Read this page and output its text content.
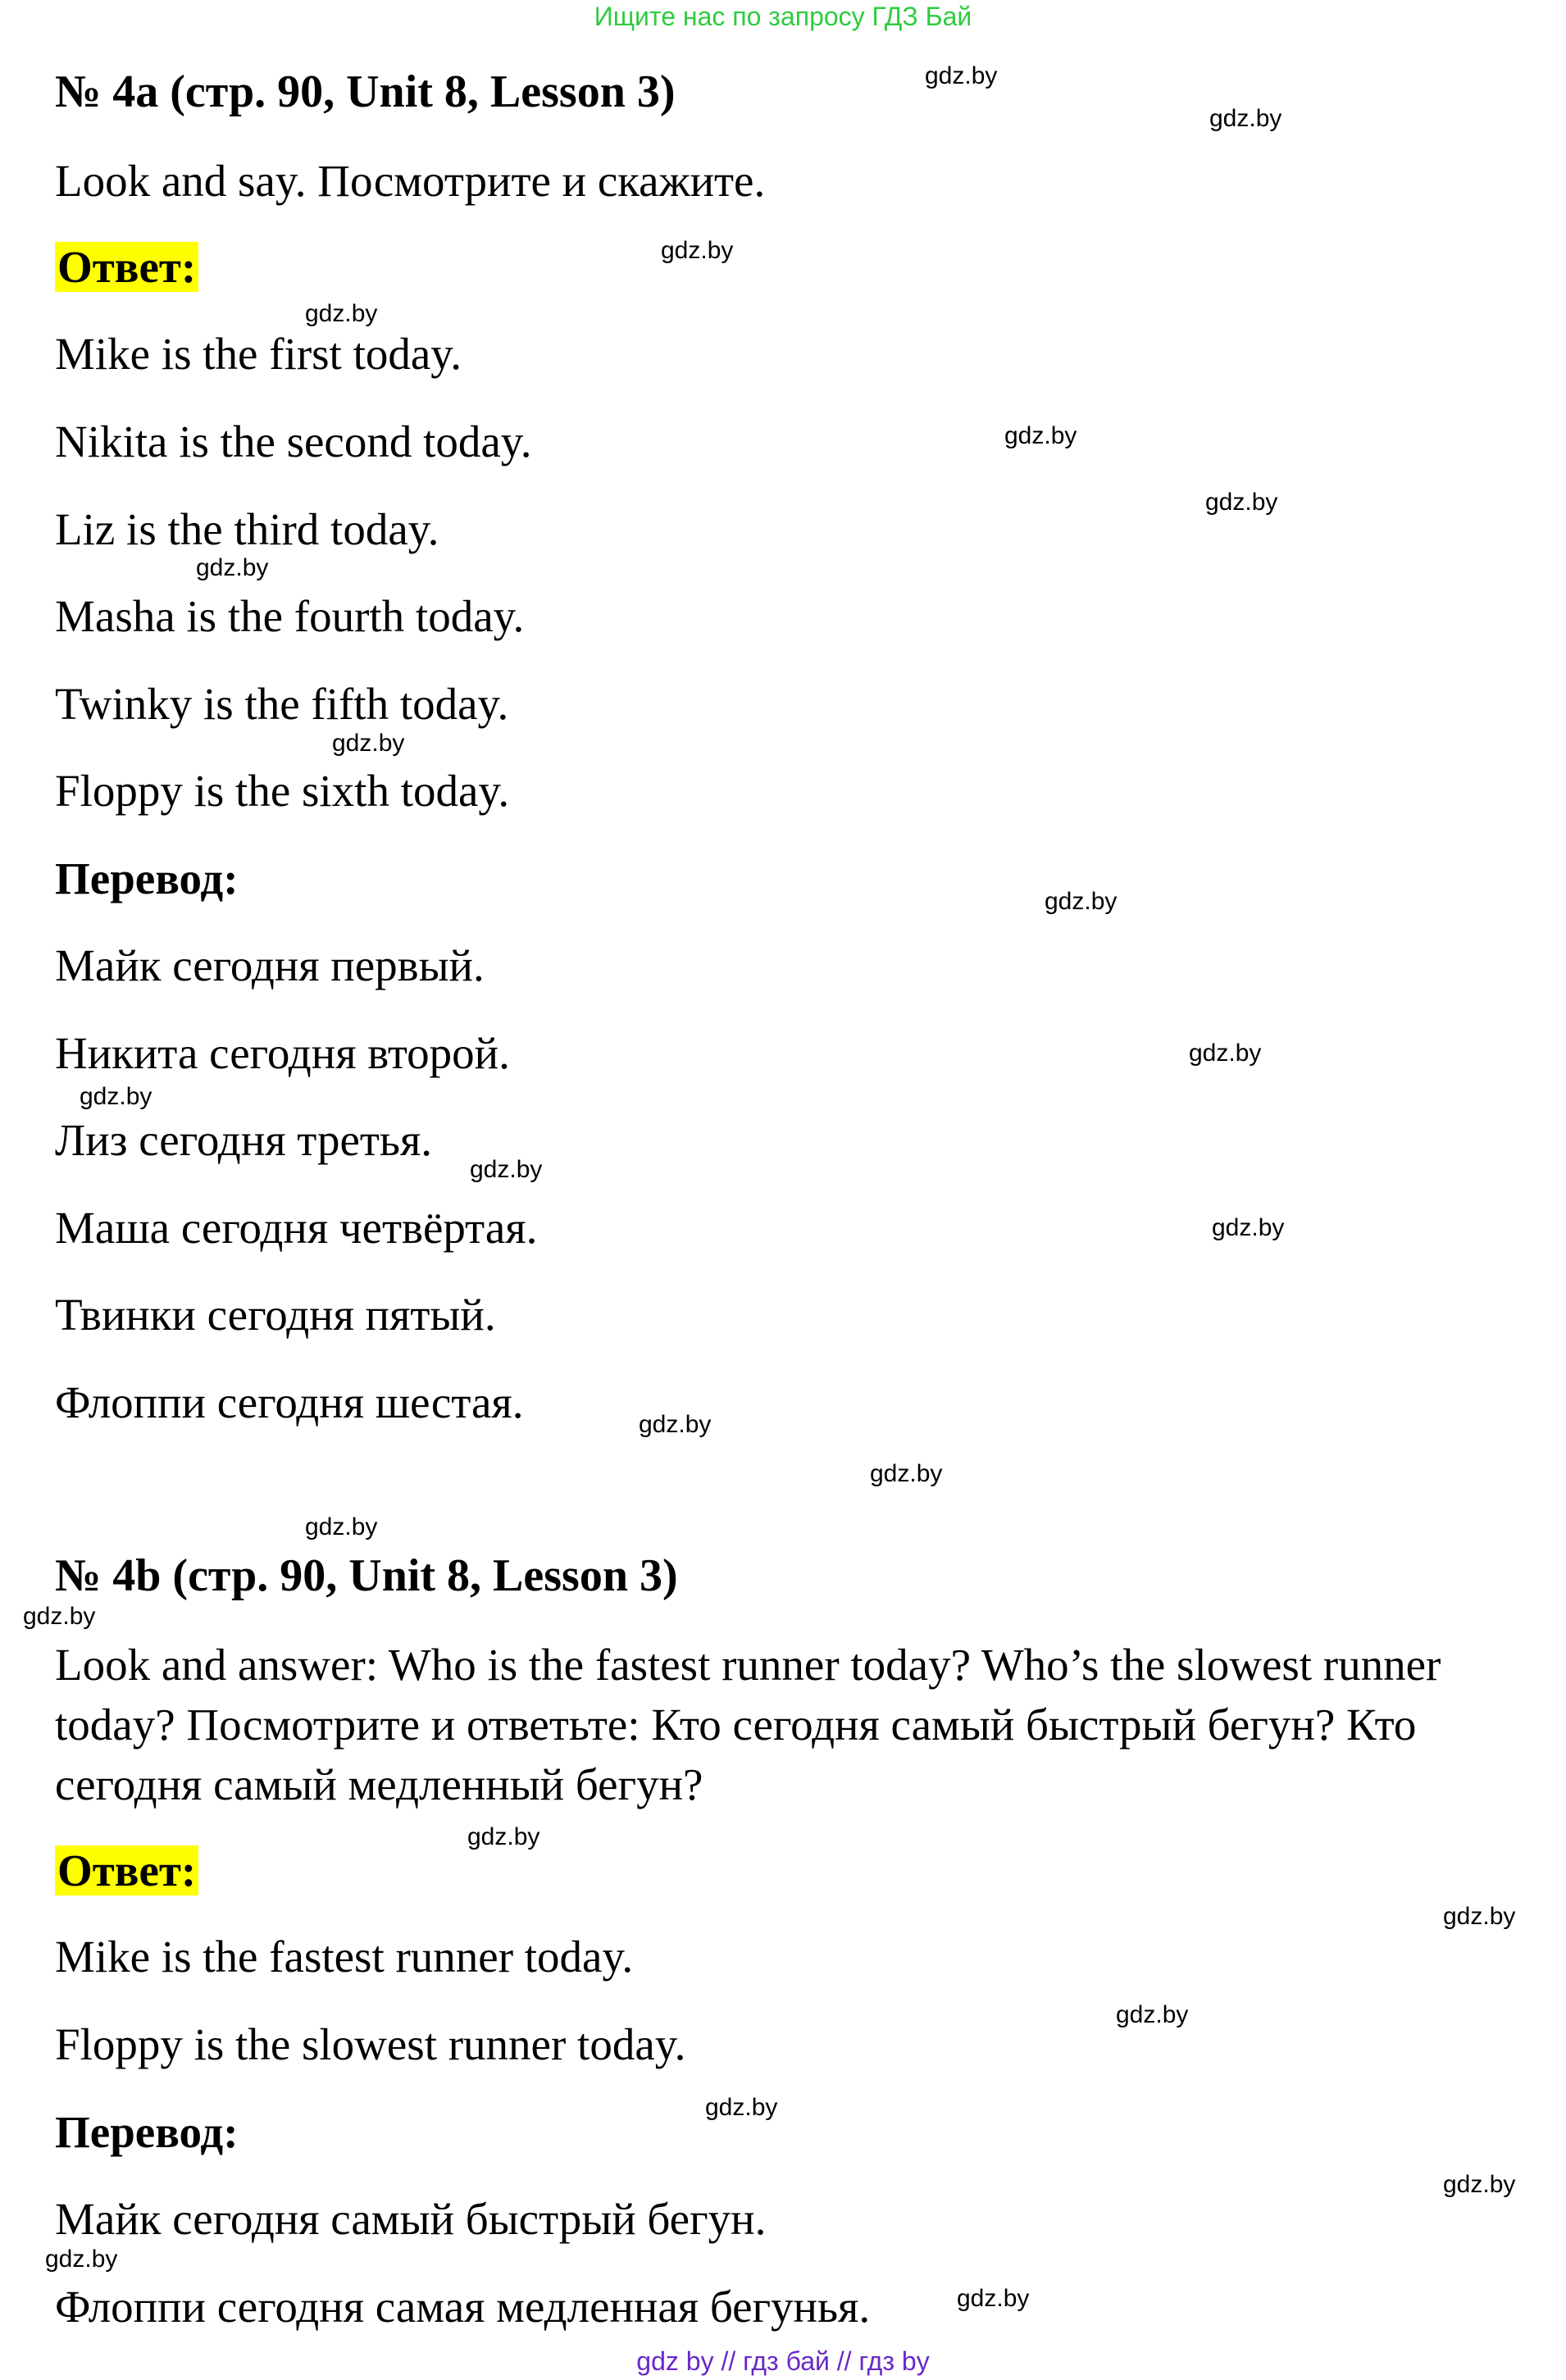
Ищите нас по запросу ГДЗ Бай
№ 4a (стр. 90, Unit 8, Lesson 3)
Look and say. Посмотрите и скажите.
Ответ:
Mike is the first today.
Nikita is the second today.
Liz is the third today.
Masha is the fourth today.
Twinky is the fifth today.
Floppy is the sixth today.
Перевод:
Майк сегодня первый.
Никита сегодня второй.
Лиз сегодня третья.
Маша сегодня четвёртая.
Твинки сегодня пятый.
Флоппи сегодня шестая.
№ 4b (стр. 90, Unit 8, Lesson 3)
Look and answer: Who is the fastest runner today? Who’s the slowest runner today? Посмотрите и ответьте: Кто сегодня самый быстрый бегун? Кто сегодня самый медленный бегун?
Ответ:
Mike is the fastest runner today.
Floppy is the slowest runner today.
Перевод:
Майк сегодня самый быстрый бегун.
Флоппи сегодня самая медленная бегунья.
gdz.by
gdz.by
gdz.by
gdz.by
gdz.by
gdz.by
gdz.by
gdz.by
gdz.by
gdz.by
gdz.by
gdz.by
gdz.by
gdz.by
gdz.by
gdz.by
gdz.by
gdz.by
gdz.by
gdz.by
gdz.by
gdz.by
gdz.by
gdz.by
gdz by // гдз бай // гдз by
